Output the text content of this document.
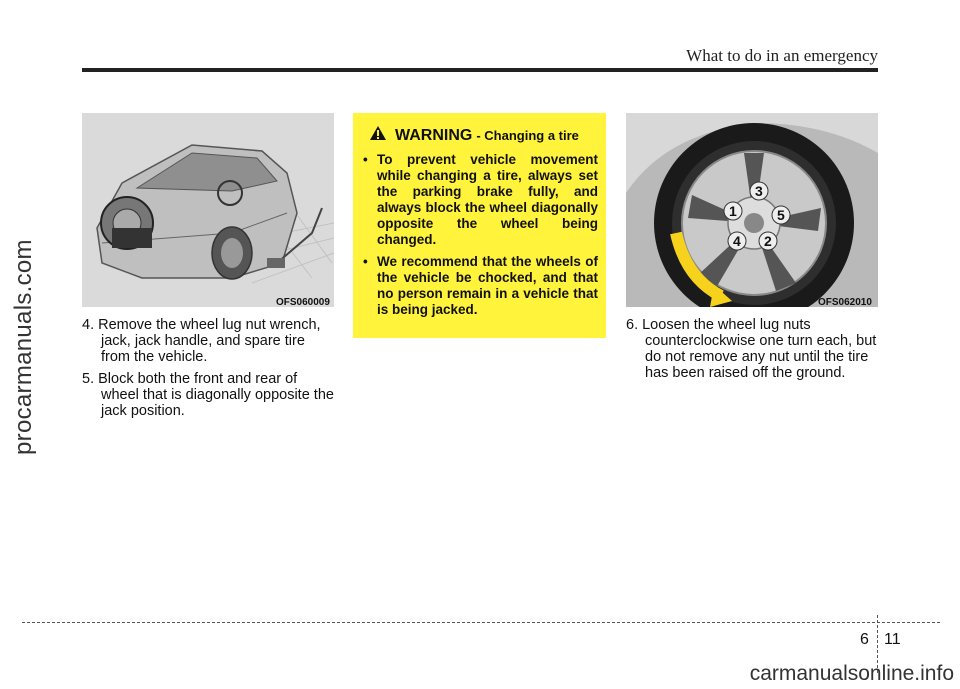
procarmanuals.com
What to do in an emergency
OFS060009

4. Remove the wheel lug nut wrench, jack, jack handle, and spare tire from the vehicle.

5. Block both the front and rear of wheel that is diagonally opposite the jack position.

WARNING - Changing a tire
• To prevent vehicle movement while changing a tire, always set the parking brake fully, and always block the wheel diagonally opposite the wheel being changed.
• We recommend that the wheels of the vehicle be chocked, and that no person remain in a vehicle that is being jacked.
1
2
3
4
5
OFS062010

6. Loosen the wheel lug nuts counterclockwise one turn each, but do not remove any nut until the tire has been raised off the ground.

6 11
carmanualsonline.info
